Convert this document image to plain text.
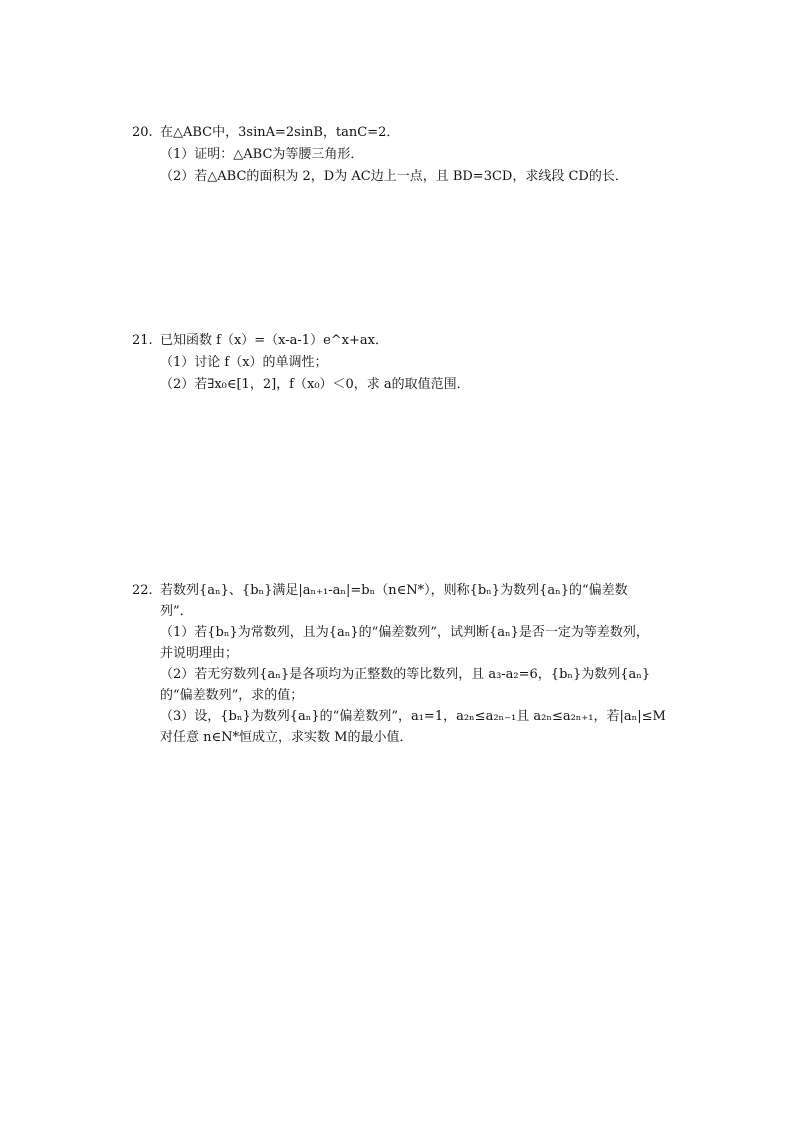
20. 在△ABC中，3sinA=2sinB，tanC=2．
（1）证明：△ABC为等腰三角形．
（2）若△ABC的面积为 2，D为 AC边上一点，且 BD=3CD，求线段 CD的长．
21. 已知函数 f（x）=（x-a-1）e^x+ax．
（1）讨论 f（x）的单调性；
（2）若∃x₀∈[1，2]，f（x₀）＜0，求 a的取值范围．
22. 若数列{aₙ}、{bₙ}满足|aₙ₊₁-aₙ|=bₙ（n∈N*），则称{bₙ}为数列{aₙ}的“偏差数
列”．
（1）若{bₙ}为常数列，且为{aₙ}的“偏差数列”，试判断{aₙ}是否一定为等差数列，
并说明理由；
（2）若无穷数列{aₙ}是各项均为正整数的等比数列，且 a₃-a₂=6，{bₙ}为数列{aₙ}
的“偏差数列”，求的值；
（3）设，{bₙ}为数列{aₙ}的“偏差数列”，a₁=1，a₂ₙ≤a₂ₙ₋₁且 a₂ₙ≤a₂ₙ₊₁，若|aₙ|≤M
对任意 n∈N*恒成立，求实数 M的最小值．
